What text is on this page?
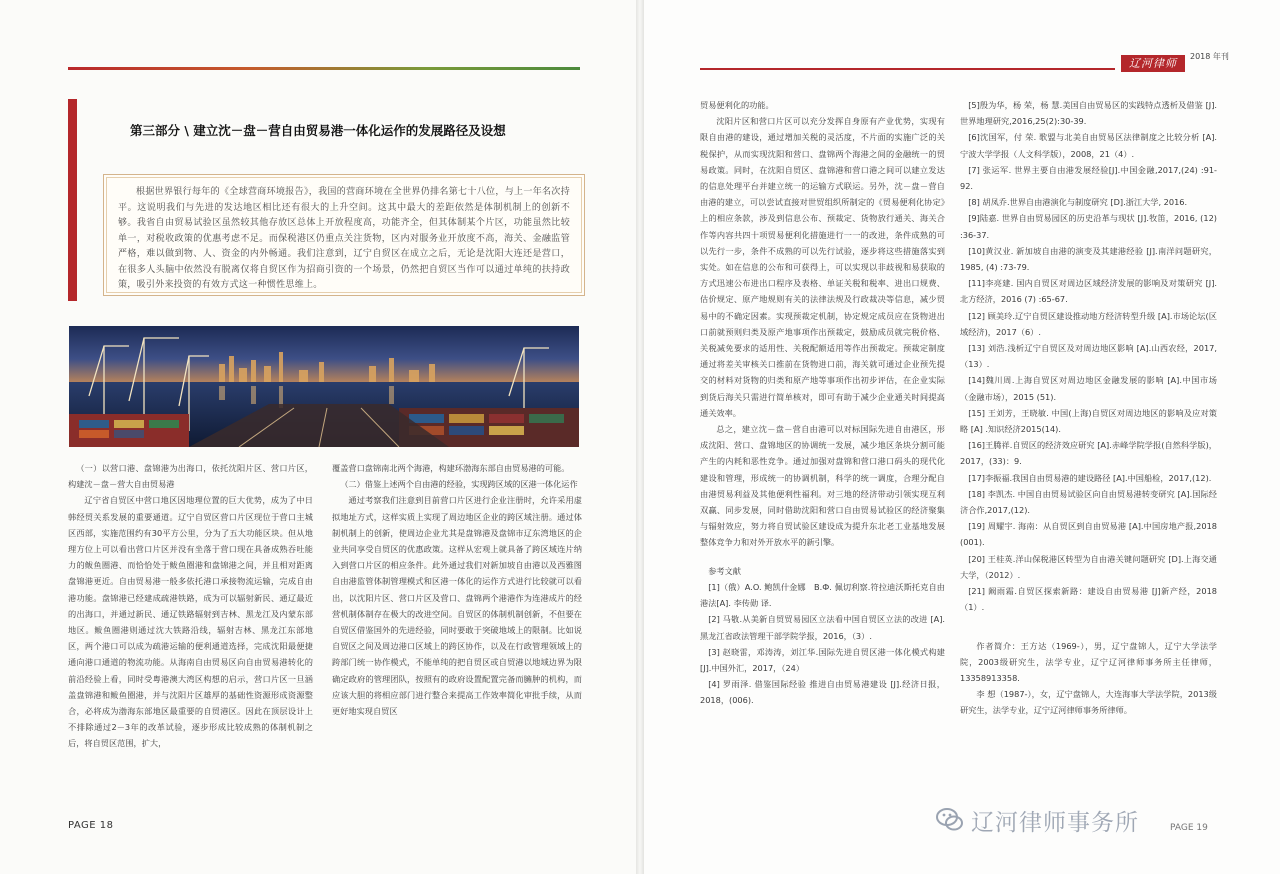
辽河律师
2018 年刊
第三部分 \ 建立沈－盘－营自由贸易港一体化运作的发展路径及设想
根据世界银行每年的《全球营商环境报告》，我国的营商环境在全世界仍排名第七十八位，与上一年名次持平。这说明我们与先进的发达地区相比还有很大的上升空间。这其中最大的差距依然是体制机制上的创新不够。我省自由贸易试验区虽然较其他存放区总体上开放程度高，功能齐全，但其体制某个片区，功能虽然比较单一，对税收政策的优惠考虑不足。而保税港区仍重点关注货物，区内对服务业开放度不高，海关、金融监管严格，难以做到物、人、资金的内外畅通。我们注意到，辽宁自贸区在成立之后，无论是沈阳大连还是营口，在很多人头脑中依然没有脱离仅将自贸区作为招商引资的一个场景，仍然把自贸区当作可以通过单纯的扶持政策，吸引外来投资的有效方式这一种惯性思维上。

（一）以营口港、盘锦港为出海口，依托沈阳片区、营口片区，构建沈－盘－营大自由贸易港

辽宁省自贸区中营口地区因地理位置的巨大优势，成为了中日韩经贸关系发展的重要通道。辽宁自贸区营口片区现位于营口主城区西部，实施范围约有30平方公里，分为了五大功能区块。但从地理方位上可以看出营口片区并没有坐落于营口现在具备成熟吞吐能力的鲅鱼圈港、而恰恰处于鲅鱼圈港和盘锦港之间，并且相对距离盘锦港更近。自由贸易港一般多依托港口承接物流运输，完成自由港功能。盘锦港已经建成疏港铁路，成为可以辐射新民、通辽最近的出海口，并通过新民、通辽铁路辐射到吉林、黑龙江及内蒙东部地区。鲅鱼圈港则通过沈大铁路沿线，辐射吉林、黑龙江东部地区，两个港口可以成为疏港运输的便利通道选择，完成沈阳最便捷通向港口通道的物流功能。从海南自由贸易区向自由贸易港转化的前沿经验上看，同时受粤港澳大湾区构想的启示，营口片区一旦涵盖盘锦港和鲅鱼圈港，并与沈阳片区雄厚的基础性资源形成资源整合，必将成为渤海东部地区最重要的自贸港区。因此在顶层设计上不排除通过2－3年的改革试验，逐步形成比较成熟的体制机制之后，将自贸区范围，扩大，

覆盖营口盘锦南北两个海港，构建环渤海东部自由贸易港的可能。

（二）借鉴上述两个自由港的经验，实现跨区域的区港一体化运作

通过考察我们注意到目前营口片区进行企业注册时，允许采用虚拟地址方式，这样实质上实现了周边地区企业的跨区域注册。通过体制机制上的创新，使周边企业尤其是盘锦港及盘锦市辽东湾地区的企业共同享受自贸区的优惠政策。这样从宏观上就具备了跨区域连片纳入到营口片区的相应条件。此外通过我们对新加坡自由港以及西雅图自由港监管体制管理模式和区港一体化的运作方式进行比较就可以看出，以沈阳片区、营口片区及营口、盘锦两个港港作为连港成片的经营机制体制存在极大的改进空间。自贸区的体制机制创新，不但要在自贸区借鉴国外的先进经验，同时要敢于突破地域上的限制。比如说自贸区之间及周边港口区域上的跨区协作，以及在行政管理领域上的跨部门统一协作模式，不能单纯的把自贸区或自贸港以地域边界为限确定政府的管理团队，按照有的政府设置配置完备而臃肿的机构，而应该大胆的将相应部门进行整合来提高工作效率简化审批手续，从而更好地实现自贸区

贸易便利化的功能。

沈阳片区和营口片区可以充分发挥自身原有产业优势，实现有限自由港的建设，通过增加关税的灵活度，不片面的实施广泛的关税保护，从而实现沈阳和营口、盘锦两个海港之间的金融统一的贸易政策。同时，在沈阳自贸区、盘锦港和营口港之间可以建立发达的信息处理平台并建立统一的运输方式联运。另外，沈－盘－营自由港的建立，可以尝试直接对世贸组织所制定的《贸易便利化协定》上的相应条款，涉及到信息公布、预裁定、货物放行通关、海关合作等内容共四十项贸易便利化措施进行一一的改进，条件成熟的可以先行一步，条件不成熟的可以先行试验，逐步将这些措施落实到实处。如在信息的公布和可获得上，可以实现以非歧视和易获取的方式迅速公布进出口程序及表格、单证关税和税率、进出口规费、估价规定、原产地规则有关的法律法规及行政裁决等信息，减少贸易中的不确定因素。实现预裁定机制，协定规定成员应在货物进出口前就预则归类及原产地事项作出预裁定，鼓励成员就完税价格、关税减免要求的适用性、关税配额适用等作出预裁定。预裁定制度通过将差关审核关口推前在货物进口前，海关就可通过企业预先提交的材料对货物的归类和原产地等事项作出初步评估，在企业实际到货后海关只需进行简单核对，即可有助于减少企业通关时间提高通关效率。

总之，建立沈－盘－营自由港可以对标国际先进自由港区，形成沈阳、营口、盘锦地区的协调统一发展，减少地区条块分割可能产生的内耗和恶性竞争。通过加强对盘锦和营口港口码头的现代化建设和管理，形成统一的协调机制，科学的统一调度，合理分配自由港贸易利益及其他便利性福利。对三地的经济带动引领实现互利双赢、同步发展，同时借助沈阳和营口自由贸易试验区的经济聚集与辐射效应，努力将自贸试验区建设成为提升东北老工业基地发展整体竞争力和对外开放水平的新引擎。

参考文献

[1]（俄）A.O. 鲍凯什金娜　B.Ф. 佩切利察.符拉迪沃斯托克自由港法[A]. 李传勋 译.

[2] 马敬.从美新自贸贸易园区立法看中国自贸区立法的改进 [A].黑龙江省政法管理干部学院学报，2016，（3）.

[3] 赵晓雷，邓涛涛，刘江华.国际先进自贸区港一体化模式构建 [J].中国外汇，2017，（24）

[4] 罗雨泽. 借鉴国际经验 推进自由贸易港建设 [J].经济日报，2018，(006).

[5]殷为华，杨 荣，杨 慧.美国自由贸易区的实践特点透析及借鉴 [J].世界地理研究,2016,25(2):30-39.

[6]沈国军，付 荣. 歌盟与北美自由贸易区法律制度之比较分析 [A].宁波大学学报（人文科学版），2008，21（4）.

[7] 张运军. 世界主要自由港发展经验[J].中国金融,2017,(24) :91-92.

[8] 胡凤乔.世界自由港演化与制度研究 [D].浙江大学, 2016.

[9]陆嘉. 世界自由贸易园区的历史沿革与现状 [J].牧笛，2016, (12) :36-37.

[10]黄汉业. 新加坡自由港的演变及其建港经验 [J].南洋问题研究，1985, (4) :73-79.

[11]李亮建. 国内自贸区对周边区域经济发展的影响及对策研究 [J].北方经济，2016 (7) :65-67.

[12] 顾美玲.辽宁自贸区建设推动地方经济转型升级 [A].市场论坛(区域经济)，2017（6）.

[13] 刘浩.浅析辽宁自贸区及对周边地区影响 [A].山西农经，2017,（13）.

[14]魏川周.上海自贸区对周边地区金融发展的影响 [A].中国市场（金融市场），2015 (51).

[15] 王刘芳，王晓敏. 中国(上海)自贸区对周边地区的影响及应对策略 [A] .知识经济2015(14).

[16]王腾祥.自贸区的经济效应研究 [A].赤峰学院学报(自然科学版)，2017，(33)：9.

[17]李振福.我国自由贸易港的建设路径 [A].中国船检，2017,(12).

[18] 李凯杰. 中国自由贸易试验区向自由贸易港转变研究 [A].国际经济合作,2017,(12).

[19] 周耀宇. 海南：从自贸区到自由贸易港 [A].中国房地产报,2018 (001).

[20] 王桂英.洋山保税港区转型为自由港关键问题研究 [D].上海交通大学，（2012）.

[21] 阚雨霜.自贸区探索新路：建设自由贸易港 [J]新产经，2018（1）.

作者简介：王方达（1969-），男，辽宁盘锦人，辽宁大学法学院，2003级研究生，法学专业，辽宁辽河律师事务所主任律师，13358913358.

李 想（1987-），女，辽宁盘锦人，大连海事大学法学院，2013级研究生，法学专业，辽宁辽河律师事务所律师。

PAGE 18	PAGE 19
辽河律师事务所
